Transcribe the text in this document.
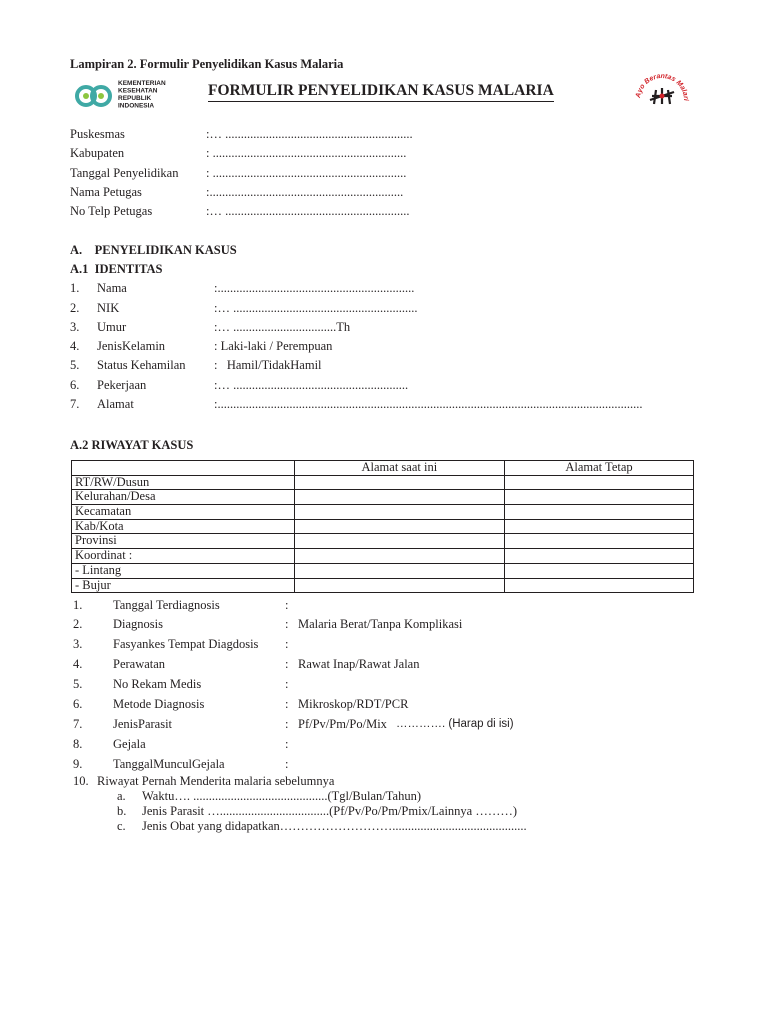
Lampiran 2. Formulir Penyelidikan Kasus Malaria
KEMENTERIAN
KESEHATAN
REPUBLIK
INDONESIA
FORMULIR PENYELIDIKAN KASUS MALARIA	Ayo Berantas Malari
Puskesmas	:… ............................................................
Kabupaten	: ..............................................................
Tanggal Penyelidikan : ..............................................................
Nama Petugas	:..............................................................
No Telp Petugas	:… ...........................................................
A.    PENYELIDIKAN KASUS
A.1  IDENTITAS
1. Nama	:...............................................................
2. NIK	:… ...........................................................
3. Umur	:… .................................Th
4. JenisKelamin	: Laki-laki / Perempuan
5. Status Kehamilan :   Hamil/TidakHamil
6. Pekerjaan	:… ........................................................
7. Alamat	:........................................................................................................................................
A.2 RIWAYAT KASUS
	Alamat saat ini	Alamat Tetap
RT/RW/Dusun		
Kelurahan/Desa		
Kecamatan		
Kab/Kota		
Provinsi		
Koordinat :		
- Lintang		
- Bujur		
1. Tanggal Terdiagnosis	:
2. Diagnosis	: Malaria Berat/Tanpa Komplikasi
3. Fasyankes Tempat Diagdosis :
4. Perawatan	: Rawat Inap/Rawat Jalan
5. No Rekam Medis	:
6. Metode Diagnosis	: Mikroskop/RDT/PCR
7. JenisParasit	: Pf/Pv/Pm/Po/Mix …………. (Harap di isi)
8. Gejala	:
9. TanggalMunculGejala	:
10. Riwayat Pernah Menderita malaria sebelumnya
a. Waktu…. ...........................................(Tgl/Bulan/Tahun)
b. Jenis Parasit …...................................(Pf/Pv/Po/Pm/Pmix/Lainnya ………)
c. Jenis Obat yang didapatkan………………………...........................................
